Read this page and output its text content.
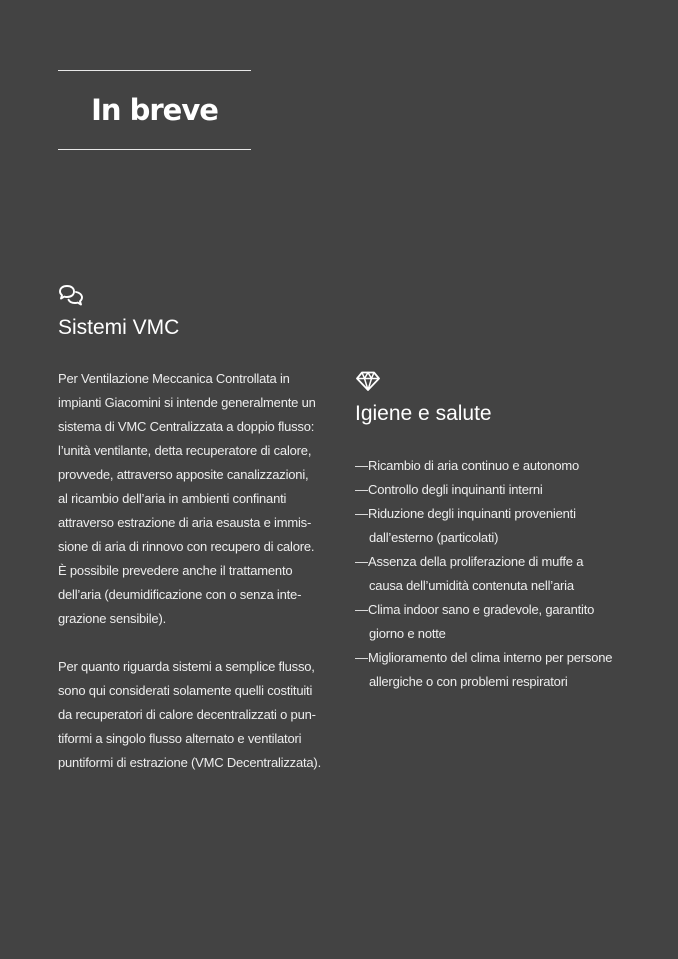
In breve
Sistemi VMC

Per Ventilazione Meccanica Controllata in
impianti Giacomini si intende generalmente un
sistema di VMC Centralizzata a doppio flusso:
l’unità ventilante, detta recuperatore di calore,
provvede, attraverso apposite canalizzazioni,
al ricambio dell’aria in ambienti confinanti
attraverso estrazione di aria esausta e immis-
sione di aria di rinnovo con recupero di calore.
È possibile prevedere anche il trattamento
dell’aria (deumidificazione con o senza inte-
grazione sensibile).

Per quanto riguarda sistemi a semplice flusso,
sono qui considerati solamente quelli costituiti
da recuperatori di calore decentralizzati o pun-
tiformi a singolo flusso alternato e ventilatori
puntiformi di estrazione (VMC Decentralizzata).

Igiene e salute
— Ricambio di aria continuo e autonomo
— Controllo degli inquinanti interni
— Riduzione degli inquinanti provenienti
dall’esterno (particolati)
— Assenza della proliferazione di muffe a
causa dell’umidità contenuta nell’aria
— Clima indoor sano e gradevole, garantito
giorno e notte
— Miglioramento del clima interno per persone
allergiche o con problemi respiratori
